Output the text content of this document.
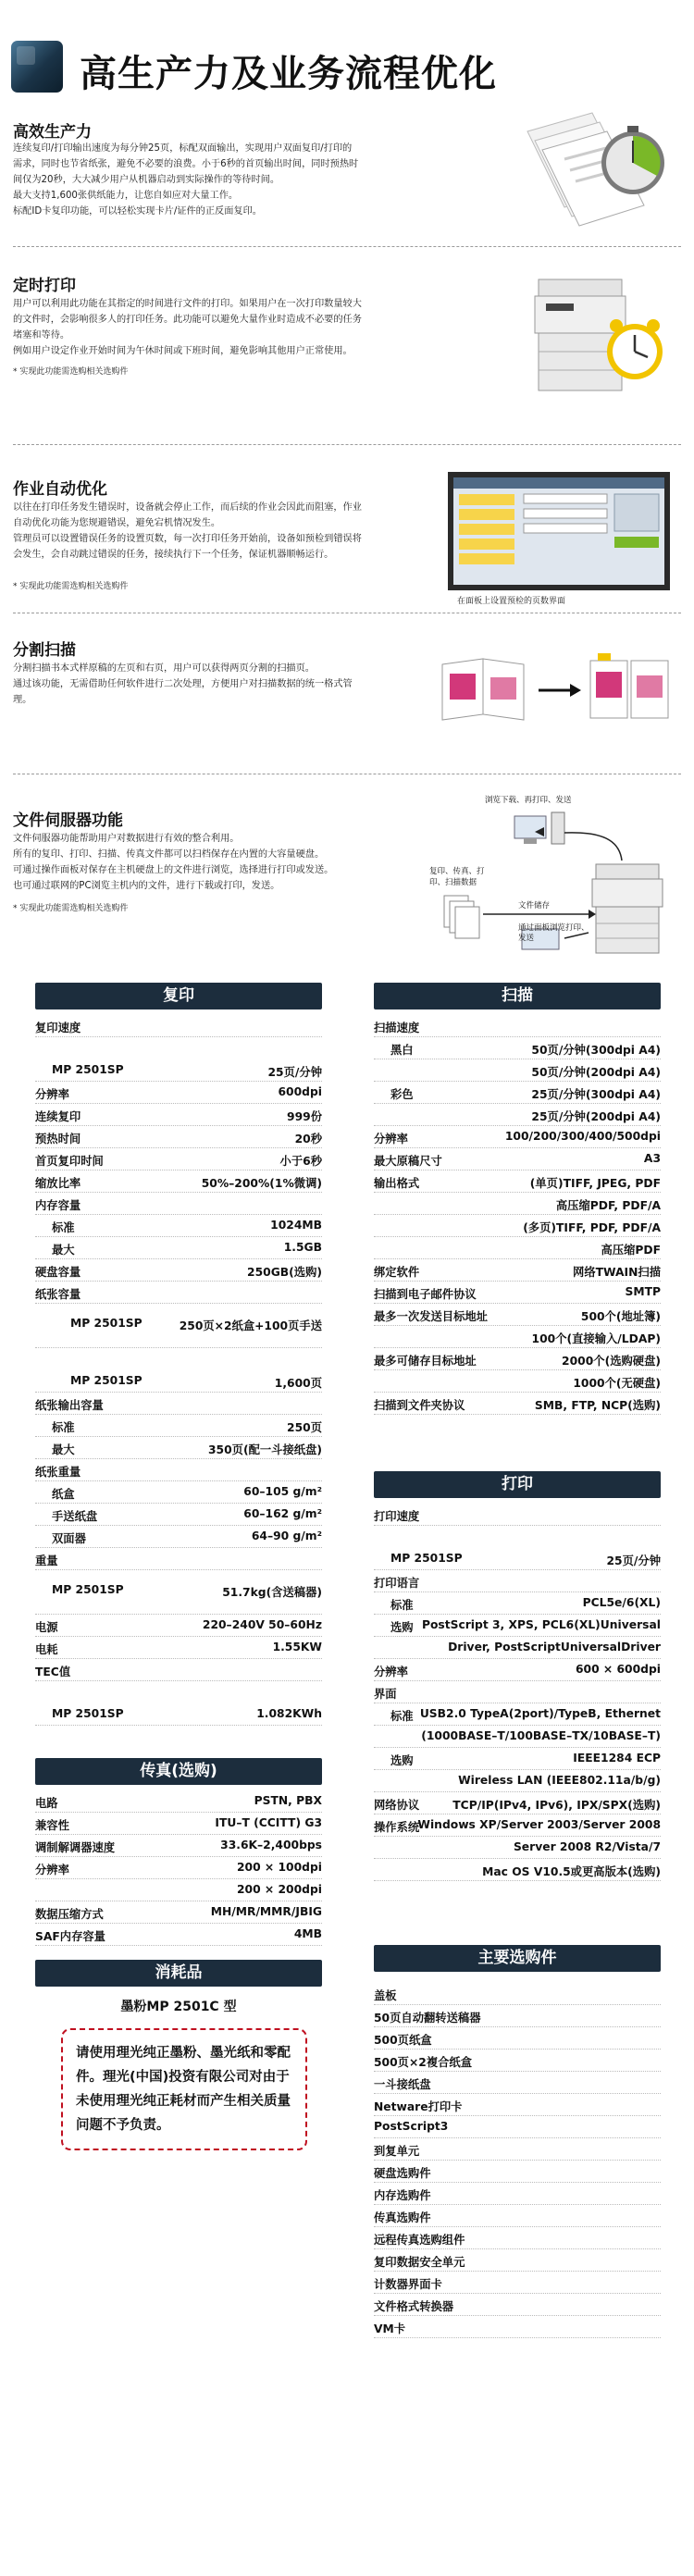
高生产力及业务流程优化
高效生产力
连续复印/打印输出速度为每分钟25页，标配双面输出，实现用户双面复印/打印的
需求，同时也节省纸张，避免不必要的浪费。小于6秒的首页输出时间，同时预热时
间仅为20秒，大大减少用户从机器启动到实际操作的等待时间。
最大支持1,600张供纸能力，让您自如应对大量工作。
标配ID卡复印功能，可以轻松实现卡片/证件的正反面复印。
定时打印
用户可以利用此功能在其指定的时间进行文件的打印。如果用户在一次打印数量较大
的文件时，会影响很多人的打印任务。此功能可以避免大量作业时造成不必要的任务
堵塞和等待。
例如用户设定作业开始时间为午休时间或下班时间，避免影响其他用户正常使用。
* 实现此功能需选购相关选购件
作业自动优化
以往在打印任务发生错误时，设备就会停止工作，而后续的作业会因此而阻塞，作业
自动优化功能为您规避错误，避免宕机情况发生。
管理员可以设置错误任务的设置页数，每一次打印任务开始前，设备如预检到错误将
会发生，会自动跳过错误的任务，接续执行下一个任务，保证机器顺畅运行。
* 实现此功能需选购相关选购件
在面板上设置预检的页数界面
分割扫描
分割扫描书本式样原稿的左页和右页，用户可以获得两页分割的扫描页。
通过该功能，无需借助任何软件进行二次处理，方便用户对扫描数据的统一格式管
理。
文件伺服器功能
文件伺服器功能帮助用户对数据进行有效的整合利用。
所有的复印、打印、扫描、传真文件都可以扫档保存在内置的大容量硬盘。
可通过操作面板对保存在主机硬盘上的文件进行浏览，选择进行打印或发送。
也可通过联网的PC浏览主机内的文件，进行下载或打印，发送。
* 实现此功能需选购相关选购件
浏览下载、再打印、发送
复印、传真、打印、扫描数据
文件储存
通过面板浏览打印、发送
复印
复印速度
MP 2501SP	25页/分钟
分辨率	600dpi
连续复印	999份
预热时间	20秒
首页复印时间	小于6秒
缩放比率	50%–200%(1%微调)
内存容量
标准	1024MB
最大	1.5GB
硬盘容量	250GB(选购)
纸张容量
MP 2501SP	250页×2纸盒+100页手送
MP 2501SP	1,600页
纸张输出容量
标准	250页
最大	350页(配一斗接纸盘)
纸张重量
纸盒	60–105 g/m²
手送纸盘	60–162 g/m²
双面器	64–90 g/m²
重量
MP 2501SP	51.7kg(含送稿器)
电源	220–240V 50–60Hz
电耗	1.55KW
TEC值
MP 2501SP	1.082KWh
传真(选购)
电路	PSTN, PBX
兼容性	ITU–T (CCITT) G3
调制解调器速度	33.6K–2,400bps
分辨率	200 × 100dpi
200 × 200dpi
数据压缩方式	MH/MR/MMR/JBIG
SAF内存容量	4MB
消耗品
墨粉MP 2501C 型

请使用理光纯正墨粉、墨光纸和零配件。理光(中国)投资有限公司对由于未使用理光纯正耗材而产生相关质量问题不予负责。

扫描
扫描速度
黑白	50页/分钟(300dpi A4)
50页/分钟(200dpi A4)
彩色	25页/分钟(300dpi A4)
25页/分钟(200dpi A4)
分辨率	100/200/300/400/500dpi
最大原稿尺寸	A3
输出格式	(单页)TIFF, JPEG, PDF
高压缩PDF, PDF/A
(多页)TIFF, PDF, PDF/A
高压缩PDF
绑定软件	网络TWAIN扫描
扫描到电子邮件协议	SMTP
最多一次发送目标地址	500个(地址簿)
100个(直接输入/LDAP)
最多可储存目标地址	2000个(选购硬盘)
1000个(无硬盘)
扫描到文件夹协议	SMB, FTP, NCP(选购)
打印
打印速度
MP 2501SP	25页/分钟
打印语言
标准	PCL5e/6(XL)
选购 PostScript 3, XPS, PCL6(XL)Universal
Driver, PostScriptUniversalDriver
分辨率	600 × 600dpi
界面
标准 USB2.0 TypeA(2port)/TypeB, Ethernet
(1000BASE–T/100BASE–TX/10BASE–T)
选购	IEEE1284 ECP
Wireless LAN (IEEE802.11a/b/g)
网络协议	TCP/IP(IPv4, IPv6), IPX/SPX(选购)
操作系统
Windows XP/Server 2003/Server 2008
Server 2008 R2/Vista/7
Mac OS V10.5或更高版本(选购)
主要选购件
盖板
50页自动翻转送稿器
500页纸盒
500页×2複合纸盒
一斗接纸盘
Netware打印卡
PostScript3
到复单元
硬盘选购件
内存选购件
传真选购件
远程传真选购组件
复印数据安全单元
计数器界面卡
文件格式转换器
VM卡
